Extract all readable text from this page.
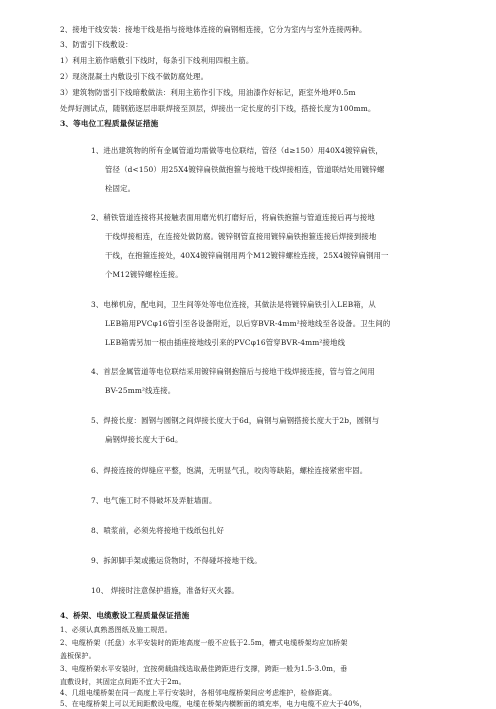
2、接地干线安装：接地干线是指与接地体连接的扁钢相连接，它分为室内与室外连接两种。
3、防雷引下线敷设：
1）利用主筋作暗敷引下线时，每条引下线利用四根主筋。
2）现浇混凝土内敷设引下线不做防腐处理。
3）建筑物防雷引下线暗敷做法：利用主筋作引下线，用油漆作好标记，距室外地坪0.5m
处焊好测试点，随钢筋逐层串联焊接至顶层，焊接出一定长度的引下线，搭接长度为100mm。
3、等电位工程质量保证措施
1、进出建筑物的所有金属管道均需做等电位联结，管径（d≥150）用40X4镀锌扁铁，
管径（d<150）用25X4镀锌扁铁做抱箍与接地干线焊接相连，管道联结处用镀锌螺
栓固定。
2、稍铁管道连接将其接触表面用磨光机打磨好后，将扁铁抱箍与管道连接后再与接地
干线焊接相连，在连接处做防腐。镀锌钢管直接用镀锌扁铁抱箍连接后焊接到接地
干线，在抱箍连接处，40X4镀锌扁钢用两个M12镀锌螺栓连接，25X4镀锌扁钢用一
个M12镀锌螺栓连接。
3、电梯机房，配电间，卫生间等处等电位连接，其做法是将镀锌扁铁引入LEB箱，从
LEB箱用PVCφ16管引至各设备附近，以后穿BVR-4mm²接地线至各设备。卫生间的
LEB箱需另加一根由插座接地线引来的PVCφ16管穿BVR-4mm²接地线
4、首层金属管道等电位联结采用镀锌扁钢抱箍后与接地干线焊接连接，管与管之间用
BV-25mm²线连接。
5、焊接长度：圆钢与圆钢之间焊接长度大于6d，扁钢与扁钢搭接长度大于2b，圆钢与
扁钢焊接长度大于6d。
6、焊接连接的焊缝应平整，饱满，无明显气孔，咬肉等缺陷，螺栓连接紧密牢固。
7、电气施工时不得破坏及弄脏墙面。
8、喷浆前，必须先将接地干线纸包扎好
9、拆卸脚手架或搬运货物时，不得碰坏接地干线。
10、 焊接时注意保护措施，准备好灭火器。
4、桥架、电缆敷设工程质量保证措施
1、必须认真熟悉图纸及施工规范。
2、电缆桥架（托盘）水平安装时的距地高度一般不应低于2.5m，槽式电缆桥架均应加桥架
盖板保护。
3、电缆桥架水平安装时，宜按荷载曲线选取最佳跨距进行支撑，跨距一般为1.5-3.0m，垂
直敷设时，其固定点间距不宜大于2m。
4、几组电缆桥架在同一高度上平行安装时，各相邻电缆桥架间应考虑维护，检修距离。
5、在电缆桥架上可以无间距敷设电缆，电缆在桥架内横断面的填充率，电力电缆不应大于40%，
